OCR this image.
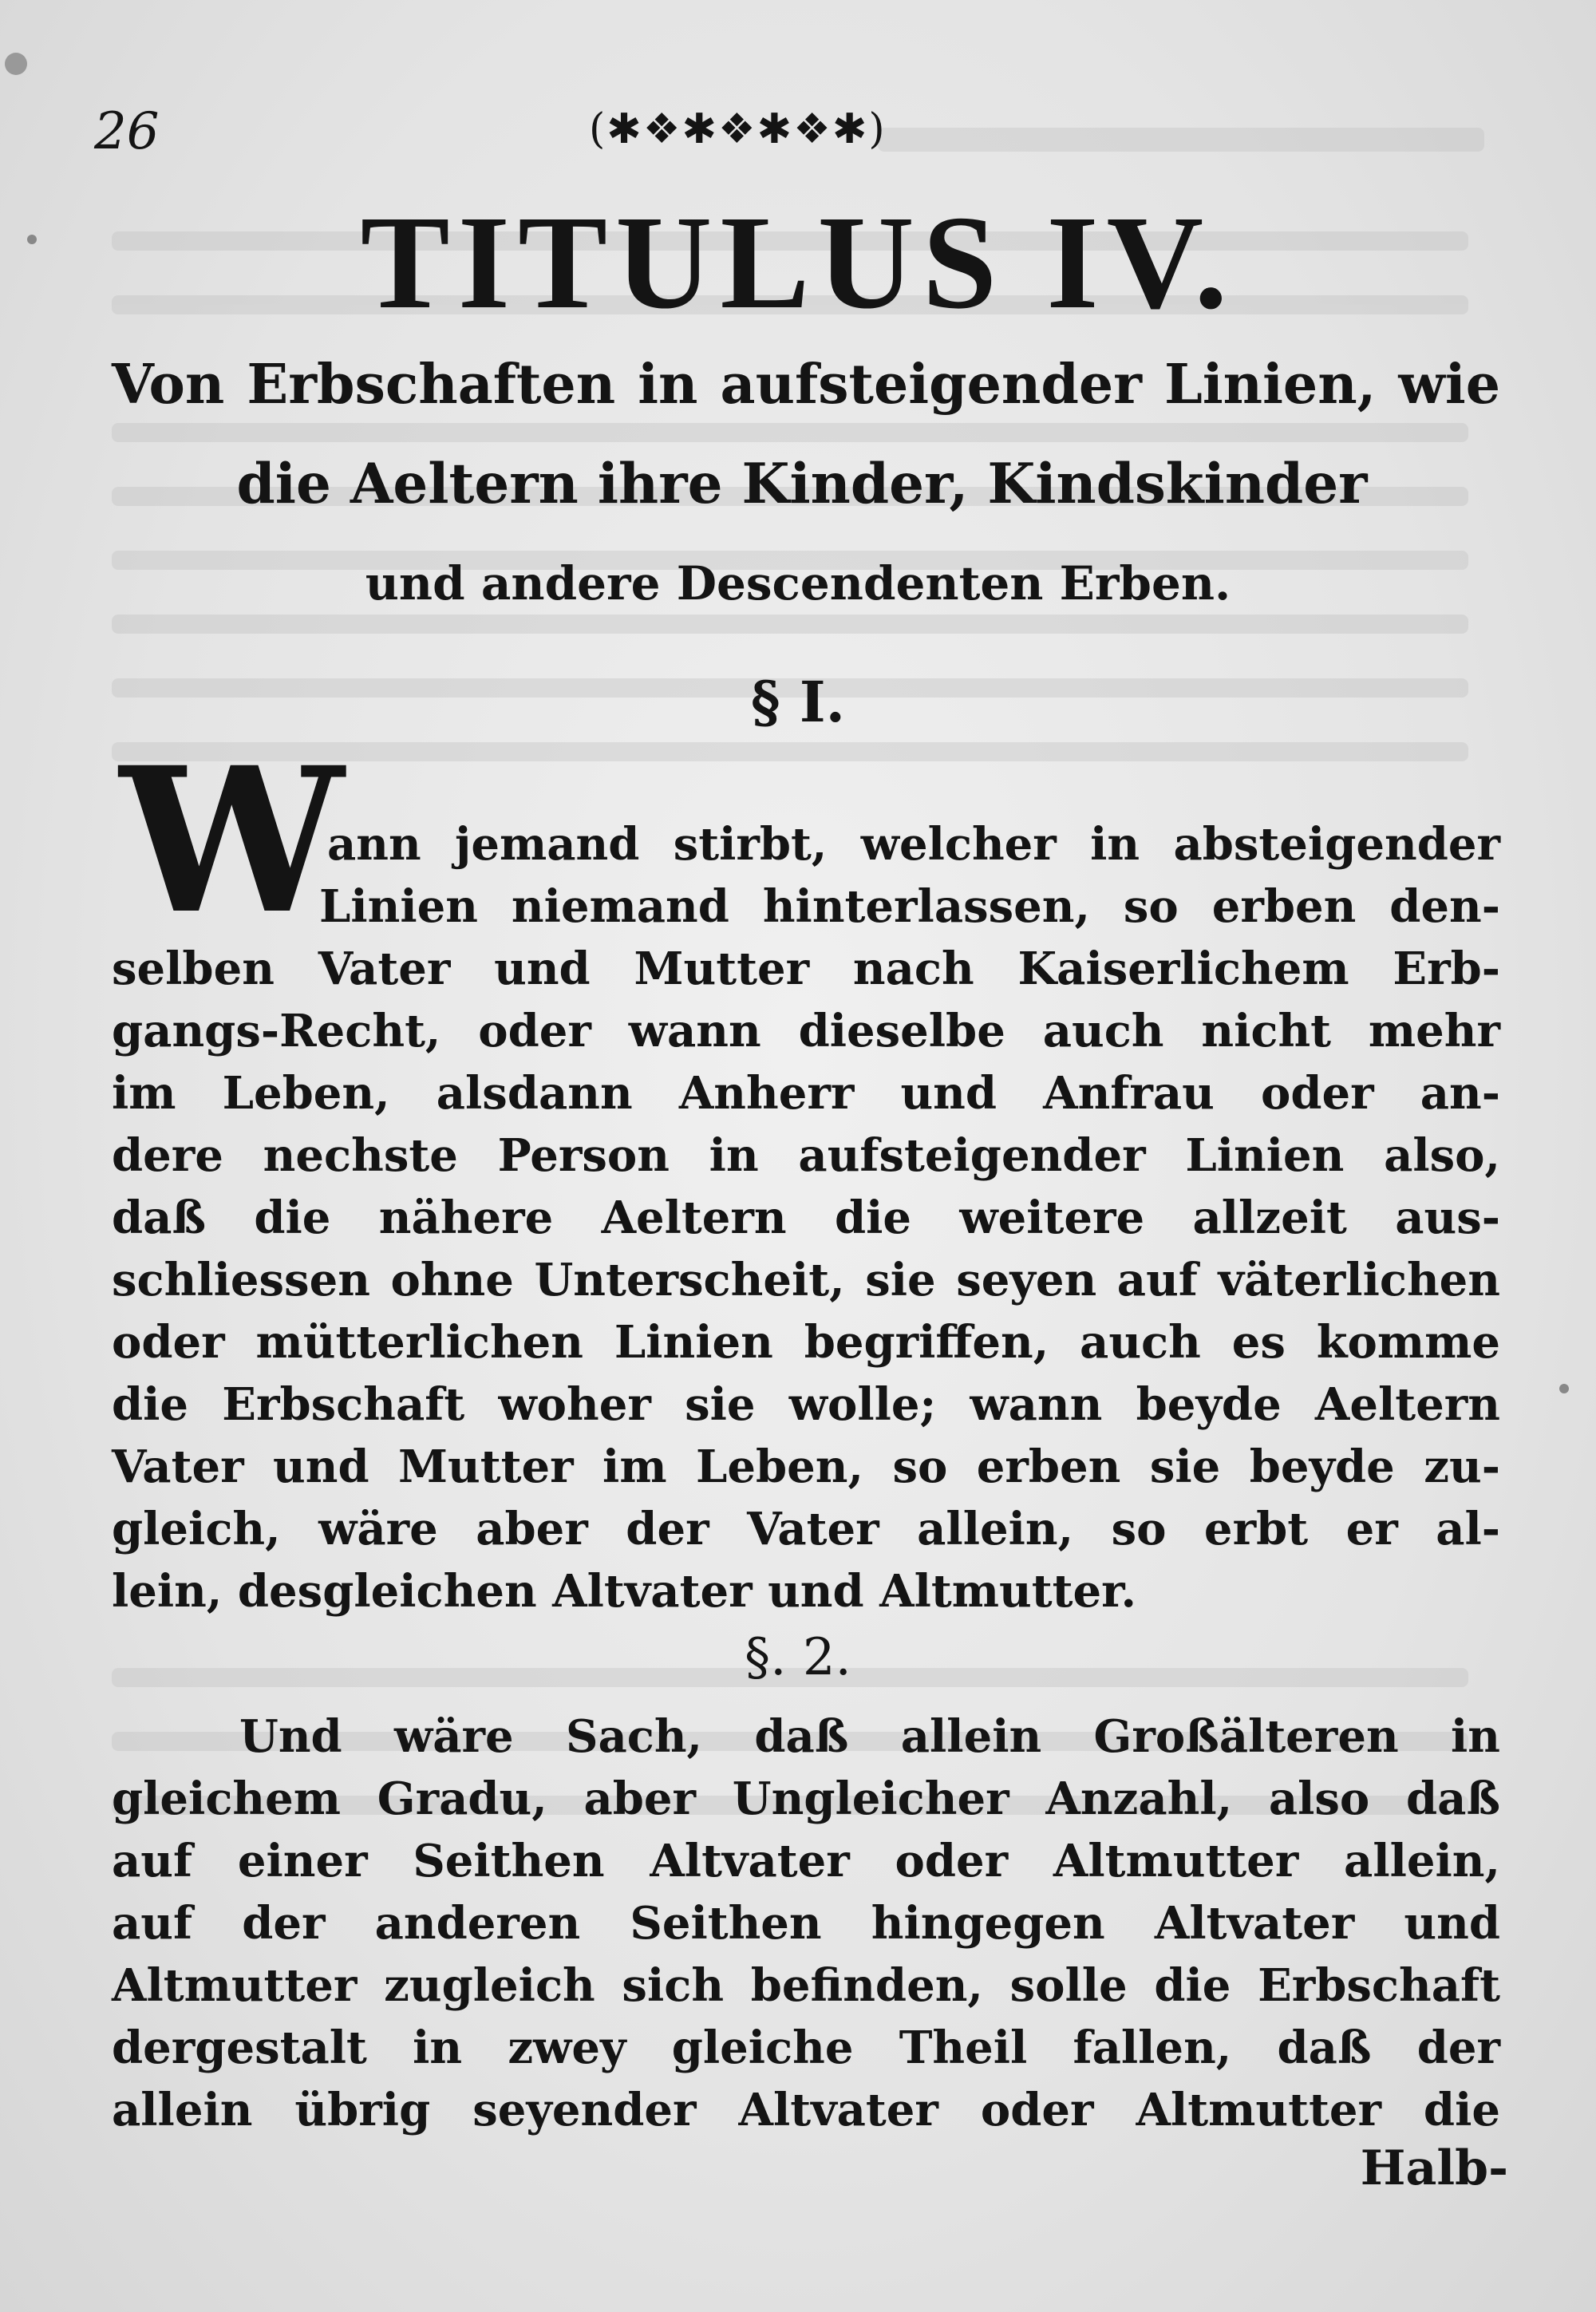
26	(✱❖✱❖✱❖✱)
TITULUS IV.
Von Erbschaften in aufsteigender Linien, wie
die Aeltern ihre Kinder, Kindskinder
und andere Descendenten Erben.
§ I.
W
ann jemand stirbt, welcher in absteigender
Linien niemand hinterlassen, so erben den-
selben Vater und Mutter nach Kaiserlichem Erb-
gangs-Recht, oder wann dieselbe auch nicht mehr
im Leben, alsdann Anherr und Anfrau oder an-
dere nechste Person in aufsteigender Linien also,
daß die nähere Aeltern die weitere allzeit aus-
schliessen ohne Unterscheit, sie seyen auf väterlichen
oder mütterlichen Linien begriffen, auch es komme
die Erbschaft woher sie wolle; wann beyde Aeltern
Vater und Mutter im Leben, so erben sie beyde zu-
gleich, wäre aber der Vater allein, so erbt er al-
lein, desgleichen Altvater und Altmutter.
§. 2.
Und wäre Sach, daß allein Großälteren in
gleichem Gradu, aber Ungleicher Anzahl, also daß
auf einer Seithen Altvater oder Altmutter allein,
auf der anderen Seithen hingegen Altvater und
Altmutter zugleich sich befinden, solle die Erbschaft
dergestalt in zwey gleiche Theil fallen, daß der
allein übrig seyender Altvater oder Altmutter die
Halb-
